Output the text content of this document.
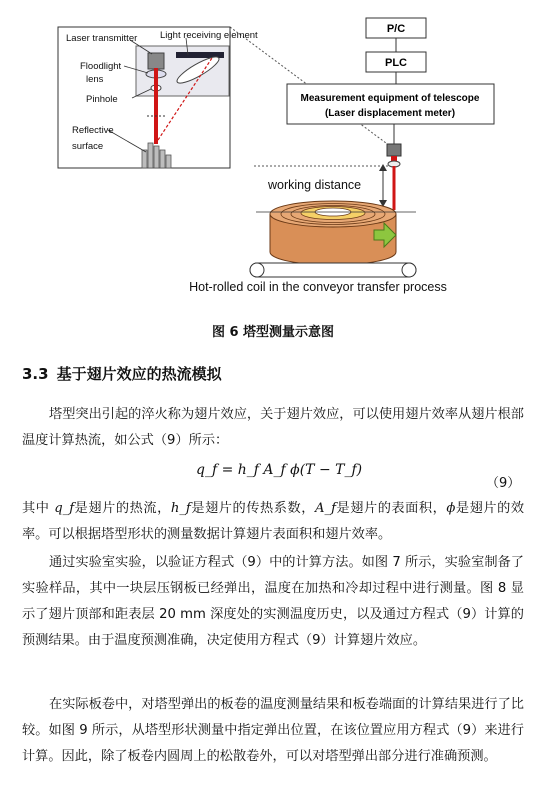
Laser transmitter Light receiving element
Floodlight
lens
Pinhole
Reflective
surface
P/C
PLC
Measurement equipment of telescope
(Laser displacement meter)
working distance
Hot-rolled coil in the conveyor transfer process
图 6 塔型测量示意图
3.3 基于翅片效应的热流模拟
塔型突出引起的淬火称为翅片效应，关于翅片效应，可以使用翅片效率从翅片根部温度计算热流，如公式（9）所示：
q_f = h_f A_f ϕ(T − T_f)
（9）
其中 q_f是翅片的热流，h_f是翅片的传热系数，A_f是翅片的表面积，ϕ是翅片的效率。可以根据塔型形状的测量数据计算翅片表面积和翅片效率。
通过实验室实验，以验证方程式（9）中的计算方法。如图 7 所示，实验室制备了实验样品，其中一块层压钢板已经弹出，温度在加热和冷却过程中进行测量。图 8 显示了翅片顶部和距表层 20 mm 深度处的实测温度历史，以及通过方程式（9）计算的预测结果。由于温度预测准确，决定使用方程式（9）计算翅片效应。
在实际板卷中，对塔型弹出的板卷的温度测量结果和板卷端面的计算结果进行了比较。如图 9 所示，从塔型形状测量中指定弹出位置，在该位置应用方程式（9）来进行计算。因此，除了板卷内圆周上的松散卷外，可以对塔型弹出部分进行准确预测。
